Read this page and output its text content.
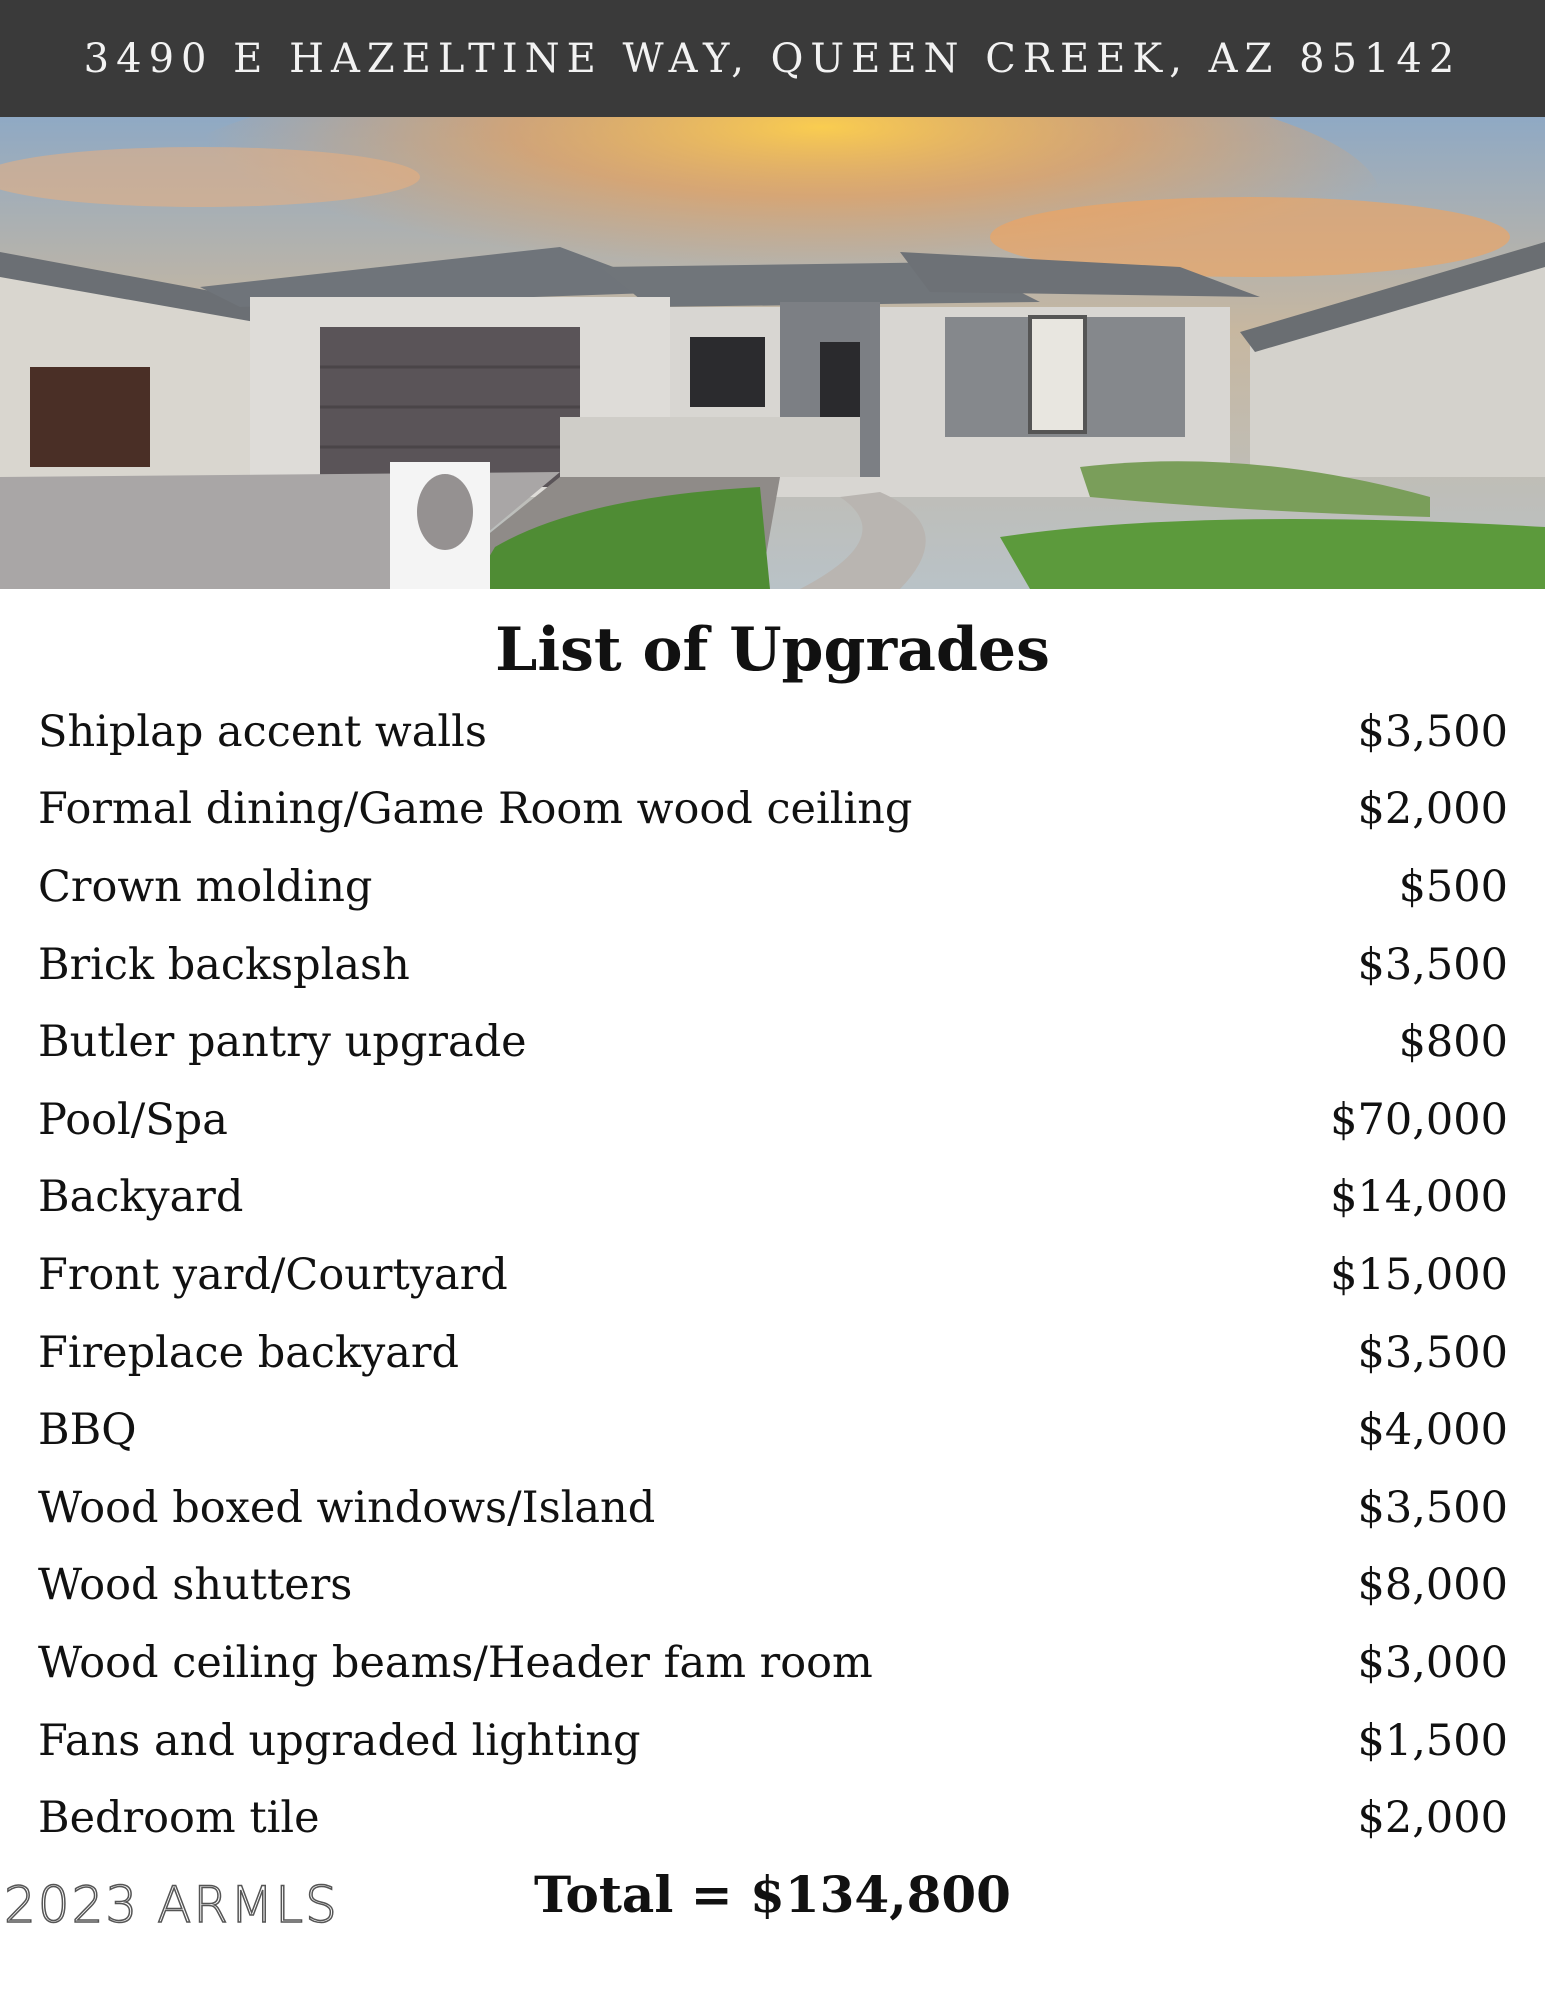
3490 E HAZELTINE WAY, QUEEN CREEK, AZ 85142
List of Upgrades
Shiplap accent walls	$3,500
Formal dining/Game Room wood ceiling	$2,000
Crown molding	$500
Brick backsplash	$3,500
Butler pantry upgrade	$800
Pool/Spa	$70,000
Backyard	$14,000
Front yard/Courtyard	$15,000
Fireplace backyard	$3,500
BBQ	$4,000
Wood boxed windows/Island	$3,500
Wood shutters	$8,000
Wood ceiling beams/Header fam room	$3,000
Fans and upgraded lighting	$1,500
Bedroom tile	$2,000
2023 ARMLS	Total = $134,800
